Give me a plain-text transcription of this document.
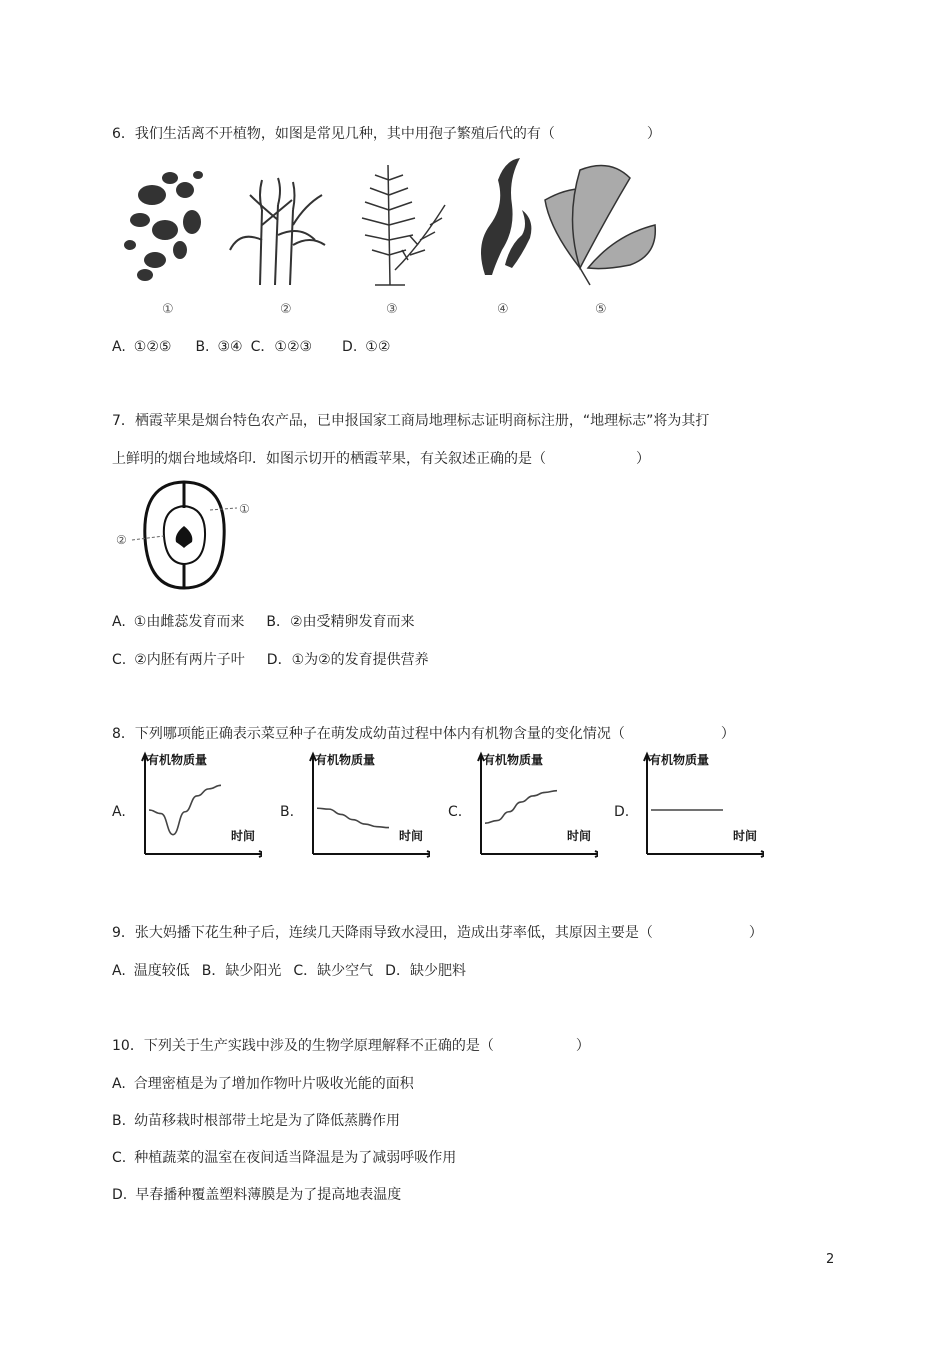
6．我们生活离不开植物，如图是常见几种，其中用孢子繁殖后代的有（	）
①	②	③	④	⑤
A. ①②⑤ B. ③④ C．①②③ D. ①②
7．栖霞苹果是烟台特色农产品，已申报国家工商局地理标志证明商标注册，“地理标志”将为其打
上鲜明的烟台地域烙印．如图示切开的栖霞苹果，有关叙述正确的是（	）
①
②
A. ①由雌蕊发育而来 B．②由受精卵发育而来
C. ②内胚有两片子叶 D．①为②的发育提供营养
8．下列哪项能正确表示菜豆种子在萌发成幼苗过程中体内有机物含量的变化情况（	）
A.
有机物质量
时间
B.
有机物质量
时间
C.
有机物质量
时间
D.
有机物质量
时间
9．张大妈播下花生种子后，连续几天降雨导致水浸田，造成出芽率低，其原因主要是（	）
A. 温度较低 B．缺少阳光 C．缺少空气 D．缺少肥料
10．下列关于生产实践中涉及的生物学原理解释不正确的是（	）
A. 合理密植是为了增加作物叶片吸收光能的面积
B. 幼苗移栽时根部带土坨是为了降低蒸腾作用
C. 种植蔬菜的温室在夜间适当降温是为了减弱呼吸作用
D. 早春播种覆盖塑料薄膜是为了提高地表温度
2
